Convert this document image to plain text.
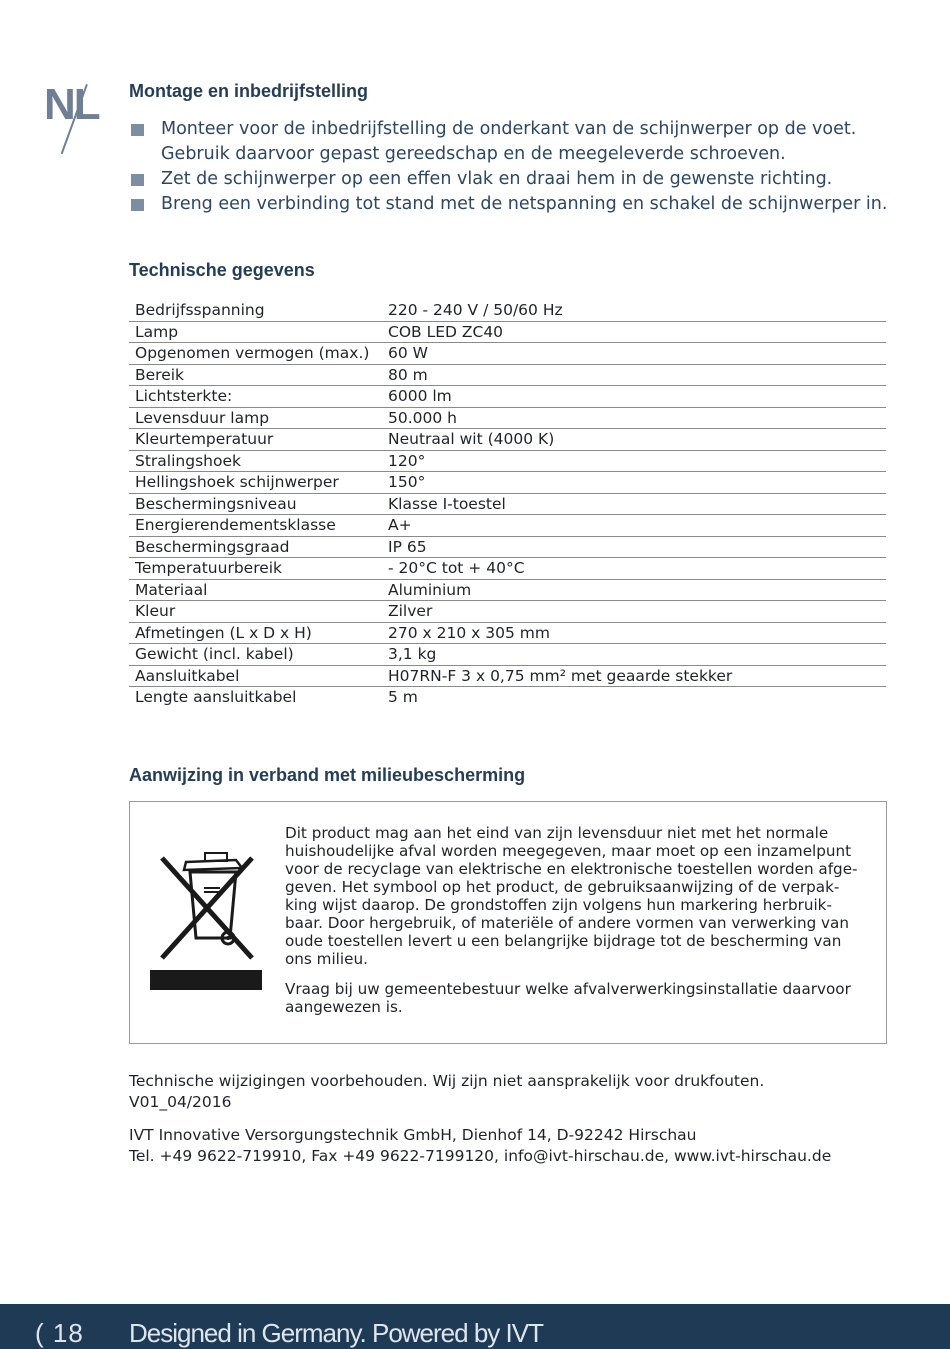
NL Montage en inbedrijfstelling
Monteer voor de inbedrijfstelling de onderkant van de schijnwerper op de voet.
Gebruik daarvoor gepast gereedschap en de meegeleverde schroeven.
Zet de schijnwerper op een effen vlak en draai hem in de gewenste richting.
Breng een verbinding tot stand met de netspanning en schakel de schijnwerper in.
Technische gegevens
Bedrijfsspanning	220 - 240 V / 50/60 Hz
Lamp	COB LED ZC40
Opgenomen vermogen (max.)	60 W
Bereik	80 m
Lichtsterkte:	6000 lm
Levensduur lamp	50.000 h
Kleurtemperatuur	Neutraal wit (4000 K)
Stralingshoek	120°
Hellingshoek schijnwerper	150°
Beschermingsniveau	Klasse I-toestel
Energierendementsklasse	A+
Beschermingsgraad	IP 65
Temperatuurbereik	- 20°C tot + 40°C
Materiaal	Aluminium
Kleur	Zilver
Afmetingen (L x D x H)	270 x 210 x 305 mm
Gewicht (incl. kabel)	3,1 kg
Aansluitkabel	H07RN-F 3 x 0,75 mm² met geaarde stekker
Lengte aansluitkabel	5 m
Aanwijzing in verband met milieubescherming

Dit product mag aan het eind van zijn levensduur niet met het normale
huishoudelijke afval worden meegegeven, maar moet op een inzamelpunt
voor de recyclage van elektrische en elektronische toestellen worden afge-
geven. Het symbool op het product, de gebruiksaanwijzing of de verpak-
king wijst daarop. De grondstoffen zijn volgens hun markering herbruik-
baar. Door hergebruik, of materiële of andere vormen van verwerking van
oude toestellen levert u een belangrijke bijdrage tot de bescherming van
ons milieu.

Vraag bij uw gemeentebestuur welke afvalverwerkingsinstallatie daarvoor
aangewezen is.

Technische wijzigingen voorbehouden. Wij zijn niet aansprakelijk voor drukfouten.
V01_04/2016

IVT Innovative Versorgungstechnik GmbH, Dienhof 14, D-92242 Hirschau
Tel. +49 9622-719910, Fax +49 9622-7199120, info@ivt-hirschau.de, www.ivt-hirschau.de

( 18 Designed in Germany. Powered by IVT
